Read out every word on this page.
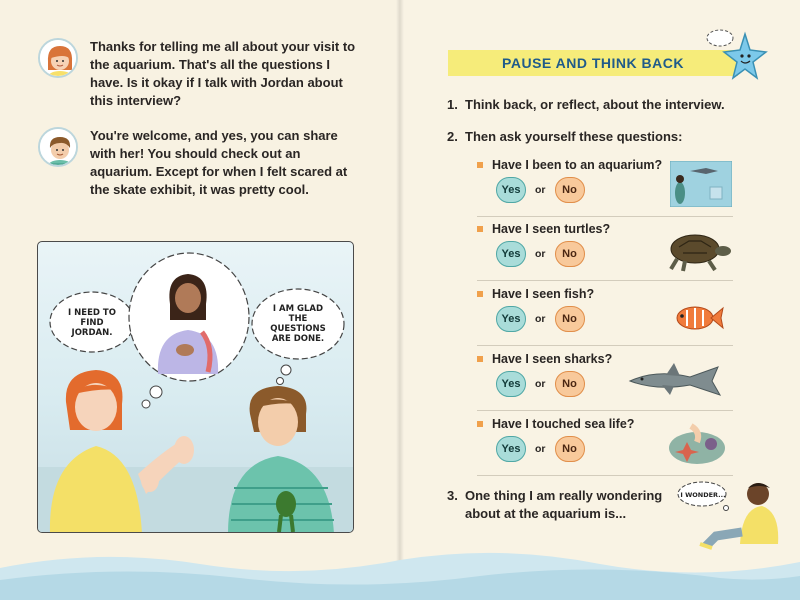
Thanks for telling me all about your visit to the aquarium. That's all the questions I have. Is it okay if I talk with Jordan about this interview?
You're welcome, and yes, you can share with her! You should check out an aquarium. Except for when I felt scared at the skate exhibit, it was pretty cool.
I NEED TO FIND JORDAN.
I AM GLAD THE QUESTIONS ARE DONE.
PAUSE AND THINK BACK
1. Think back, or reflect, about the interview.
2. Then ask yourself these questions:
Have I been to an aquarium?
Yes	or	No
Have I seen turtles?
Yes	or	No
Have I seen fish?
Yes	or	No
Have I seen sharks?
Yes	or	No
Have I touched sea life?
Yes	or	No
3. One thing I am really wondering
about at the aquarium is...
I WONDER...
